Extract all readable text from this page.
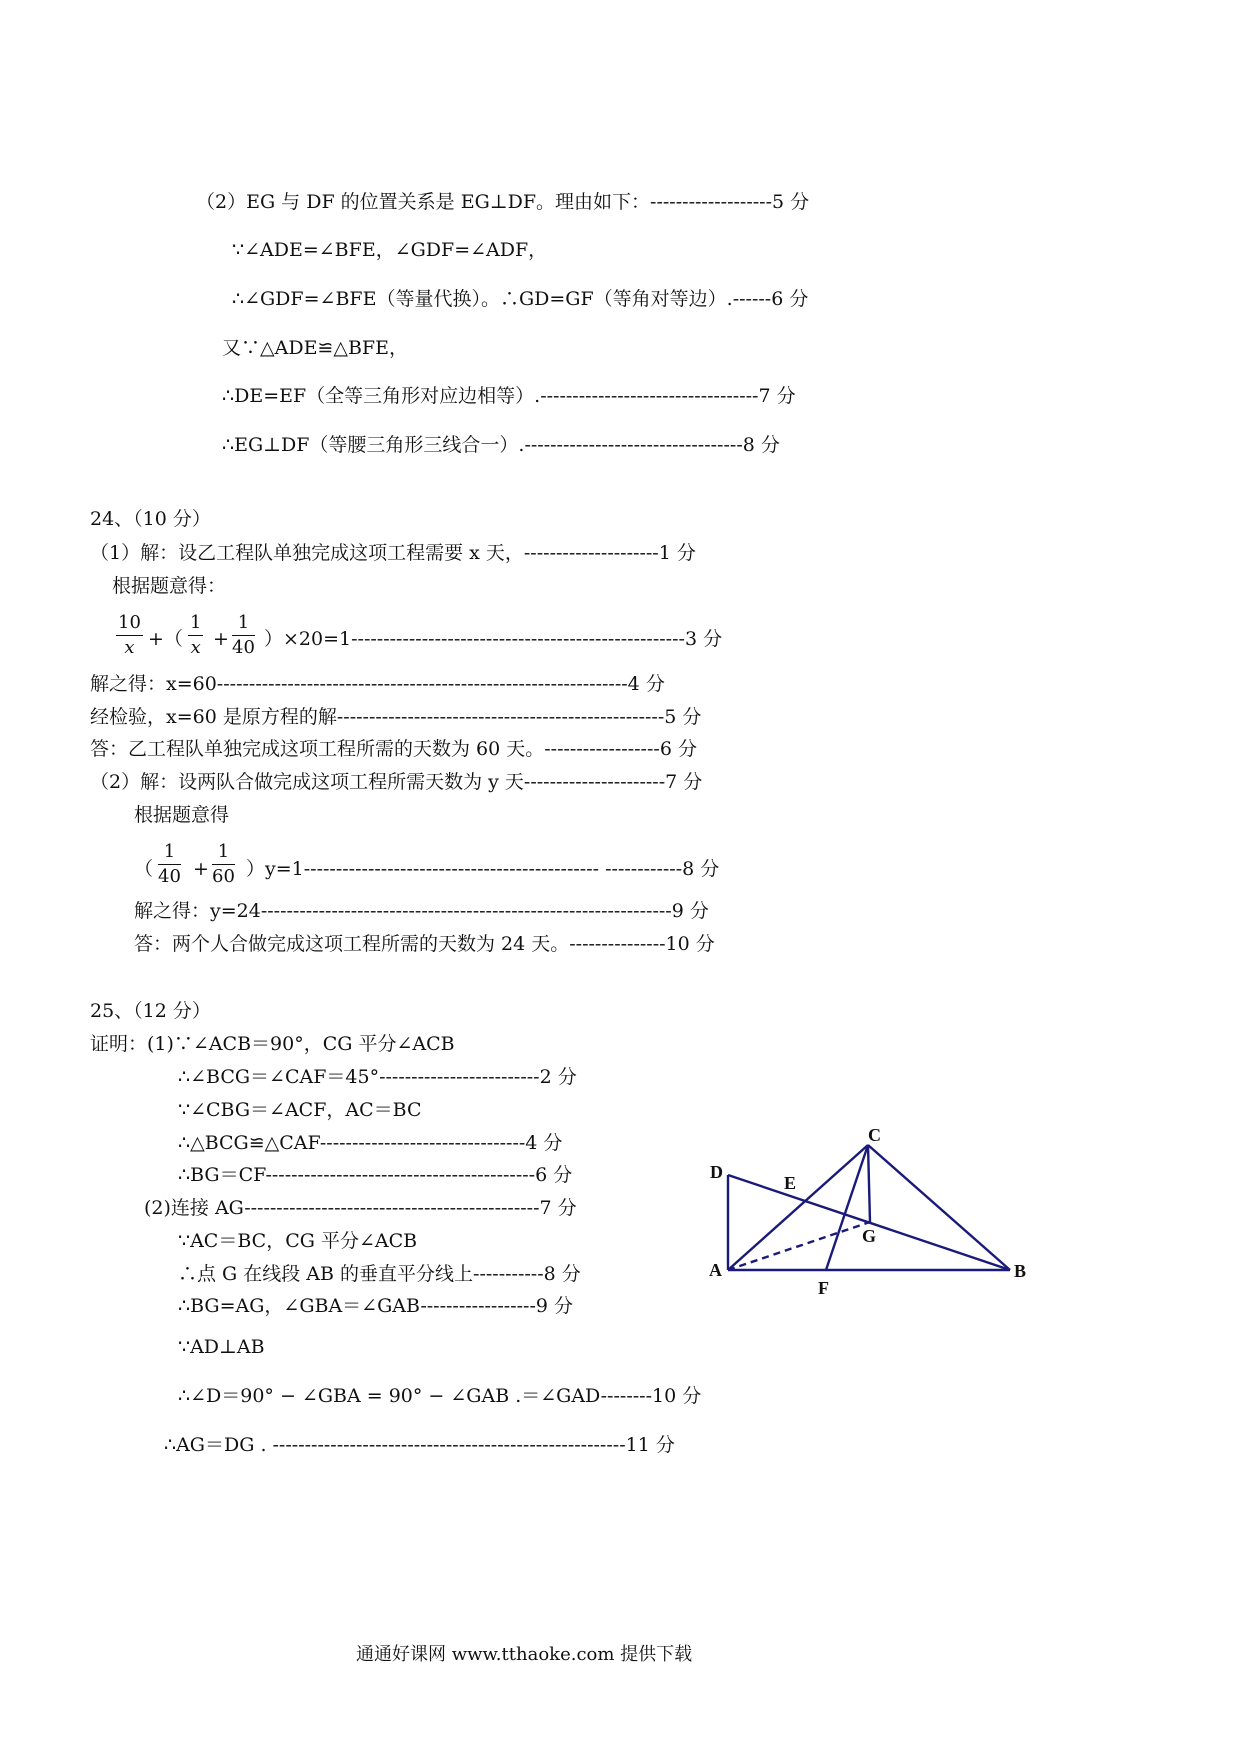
（2）EG 与 DF 的位置关系是 EG⊥DF。理由如下：-------------------5 分
∵∠ADE=∠BFE，∠GDF=∠ADF，
∴∠GDF=∠BFE（等量代换）。∴GD=GF（等角对等边）.------6 分
又∵△ADE≌△BFE，
∴DE=EF（全等三角形对应边相等）.----------------------------------7 分
∴EG⊥DF（等腰三角形三线合一）.----------------------------------8 分
24、（10 分）
（1）解：设乙工程队单独完成这项工程需要 x 天，---------------------1 分
根据题意得：
$\frac{10}{x}$ +（ $\frac{1}{x} + \frac{1}{40} )\times 20=1----------------------------------------------------3$ 分
解之得：x=60----------------------------------------------------------------4 分
经检验，x=60 是原方程的解---------------------------------------------------5 分
答：乙工程队单独完成这项工程所需的天数为 60 天。------------------6 分
（2）解：设两队合做完成这项工程所需天数为 y 天----------------------7 分
根据题意得
（ $\frac{1}{40} + \frac{1}{60} )y=1----------------------------------------------$ ------------8 分
解之得：y=24----------------------------------------------------------------9 分
答：两个人合做完成这项工程所需的天数为 24 天。---------------10 分
25、（12 分）
证明：(1)∵∠ACB＝90°，CG 平分∠ACB
∴∠BCG＝∠CAF＝45°-------------------------2 分
∵∠CBG＝∠ACF，AC＝BC
∴△BCG≌△CAF--------------------------------4 分
∴BG＝CF------------------------------------------6 分
(2)连接 AG----------------------------------------------7 分
∵AC＝BC，CG 平分∠ACB
∴点 G 在线段 AB 的垂直平分线上-----------8 分
∴BG=AG，∠GBA＝∠GAB------------------9 分
∵AD⊥AB
∴∠D＝90° − ∠GBA = 90° − ∠GAB .＝∠GAD--------10 分
∴AG＝DG . -------------------------------------------------------11 分
C
D
E
G
A
F
B
通通好课网 www.tthaoke.com 提供下载
